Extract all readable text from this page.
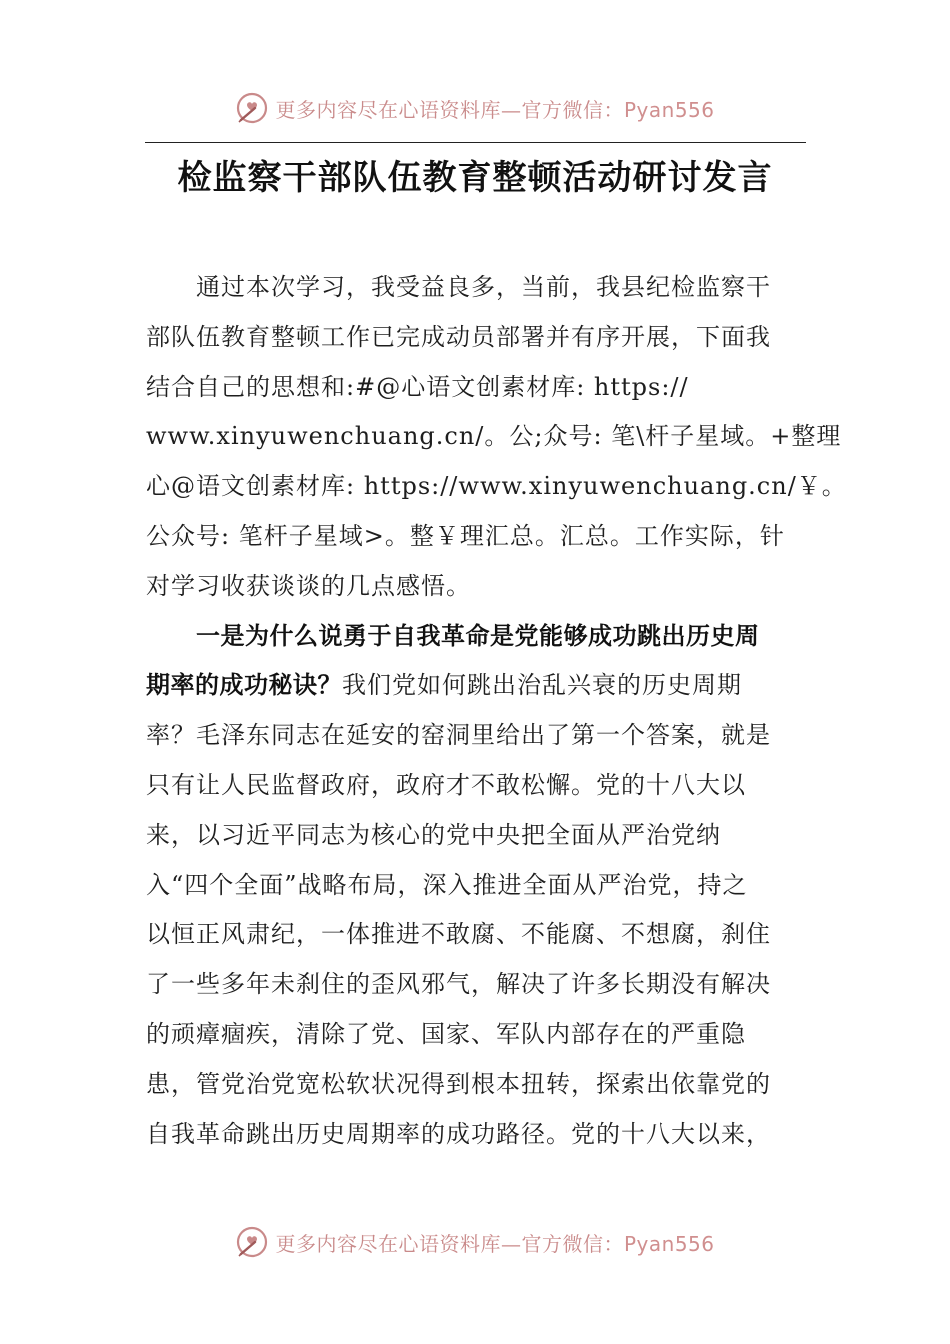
更多内容尽在心语资料库—官方微信：Pyan556
检监察干部队伍教育整顿活动研讨发言
通过本次学习，我受益良多，当前，我县纪检监察干
部队伍教育整顿工作已完成动员部署并有序开展，下面我
结合自己的思想和:#@心语文创素材库: https://
www.xinyuwenchuang.cn/。公;众号: 笔\杆子星域。+整理
心@语文创素材库: https://www.xinyuwenchuang.cn/￥。
公众号: 笔杆子星域>。整￥理汇总。汇总。工作实际，针
对学习收获谈谈的几点感悟。
一是为什么说勇于自我革命是党能够成功跳出历史周
期率的成功秘诀？我们党如何跳出治乱兴衰的历史周期
率？毛泽东同志在延安的窑洞里给出了第一个答案，就是
只有让人民监督政府，政府才不敢松懈。党的十八大以
来，以习近平同志为核心的党中央把全面从严治党纳
入“四个全面”战略布局，深入推进全面从严治党，持之
以恒正风肃纪，一体推进不敢腐、不能腐、不想腐，刹住
了一些多年未刹住的歪风邪气，解决了许多长期没有解决
的顽瘴痼疾，清除了党、国家、军队内部存在的严重隐
患，管党治党宽松软状况得到根本扭转，探索出依靠党的
自我革命跳出历史周期率的成功路径。党的十八大以来，
更多内容尽在心语资料库—官方微信：Pyan556
